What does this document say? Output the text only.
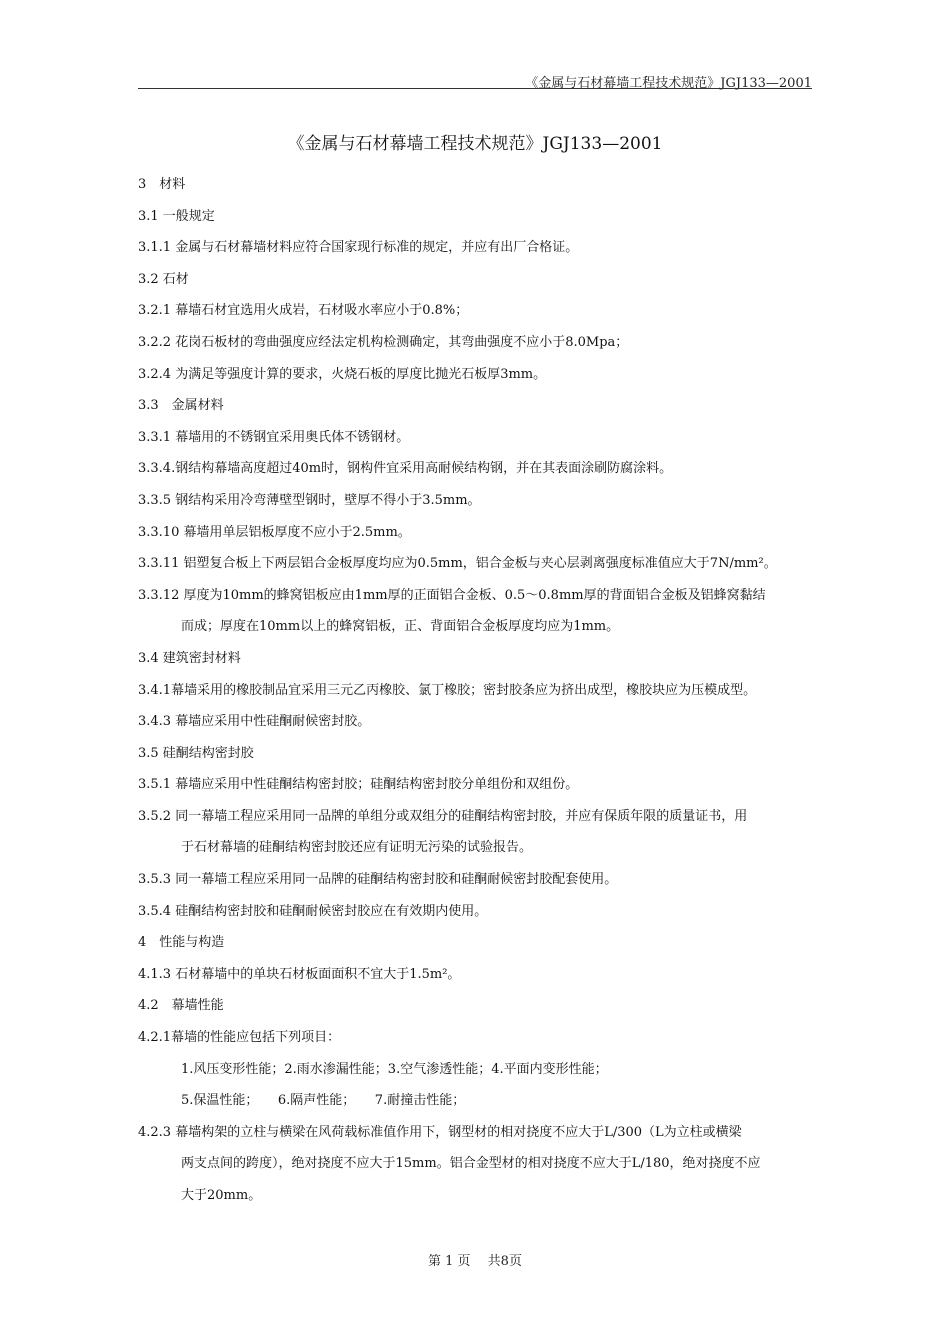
《金属与石材幕墙工程技术规范》JGJ133—2001
《金属与石材幕墙工程技术规范》JGJ133—2001
3　材料
3.1 一般规定
3.1.1 金属与石材幕墙材料应符合国家现行标准的规定，并应有出厂合格证。
3.2 石材
3.2.1 幕墙石材宜选用火成岩，石材吸水率应小于0.8%；
3.2.2 花岗石板材的弯曲强度应经法定机构检测确定，其弯曲强度不应小于8.0Mpa；
3.2.4 为满足等强度计算的要求，火烧石板的厚度比抛光石板厚3mm。
3.3　金属材料
3.3.1 幕墙用的不锈钢宜采用奥氏体不锈钢材。
3.3.4.钢结构幕墙高度超过40m时，钢构件宜采用高耐候结构钢，并在其表面涂刷防腐涂料。
3.3.5 钢结构采用冷弯薄壁型钢时，壁厚不得小于3.5mm。
3.3.10 幕墙用单层铝板厚度不应小于2.5mm。
3.3.11 铝塑复合板上下两层铝合金板厚度均应为0.5mm，铝合金板与夹心层剥离强度标准值应大于7N/mm²。
3.3.12 厚度为10mm的蜂窝铝板应由1mm厚的正面铝合金板、0.5～0.8mm厚的背面铝合金板及铝蜂窝黏结
而成；厚度在10mm以上的蜂窝铝板，正、背面铝合金板厚度均应为1mm。
3.4 建筑密封材料
3.4.1幕墙采用的橡胶制品宜采用三元乙丙橡胶、氯丁橡胶；密封胶条应为挤出成型，橡胶块应为压模成型。
3.4.3 幕墙应采用中性硅酮耐候密封胶。
3.5 硅酮结构密封胶
3.5.1 幕墙应采用中性硅酮结构密封胶；硅酮结构密封胶分单组份和双组份。
3.5.2 同一幕墙工程应采用同一品牌的单组分或双组分的硅酮结构密封胶，并应有保质年限的质量证书，用
于石材幕墙的硅酮结构密封胶还应有证明无污染的试验报告。
3.5.3 同一幕墙工程应采用同一品牌的硅酮结构密封胶和硅酮耐候密封胶配套使用。
3.5.4 硅酮结构密封胶和硅酮耐候密封胶应在有效期内使用。
4　性能与构造
4.1.3 石材幕墙中的单块石材板面面积不宜大于1.5m²。
4.2　幕墙性能
4.2.1幕墙的性能应包括下列项目：
1.风压变形性能；2.雨水渗漏性能；3.空气渗透性能；4.平面内变形性能；
5.保温性能；　　6.隔声性能；　　7.耐撞击性能；
4.2.3 幕墙构架的立柱与横梁在风荷载标准值作用下，钢型材的相对挠度不应大于L/300（L为立柱或横梁
两支点间的跨度），绝对挠度不应大于15mm。铝合金型材的相对挠度不应大于L/180，绝对挠度不应
大于20mm。
第 1 页　 共8页
